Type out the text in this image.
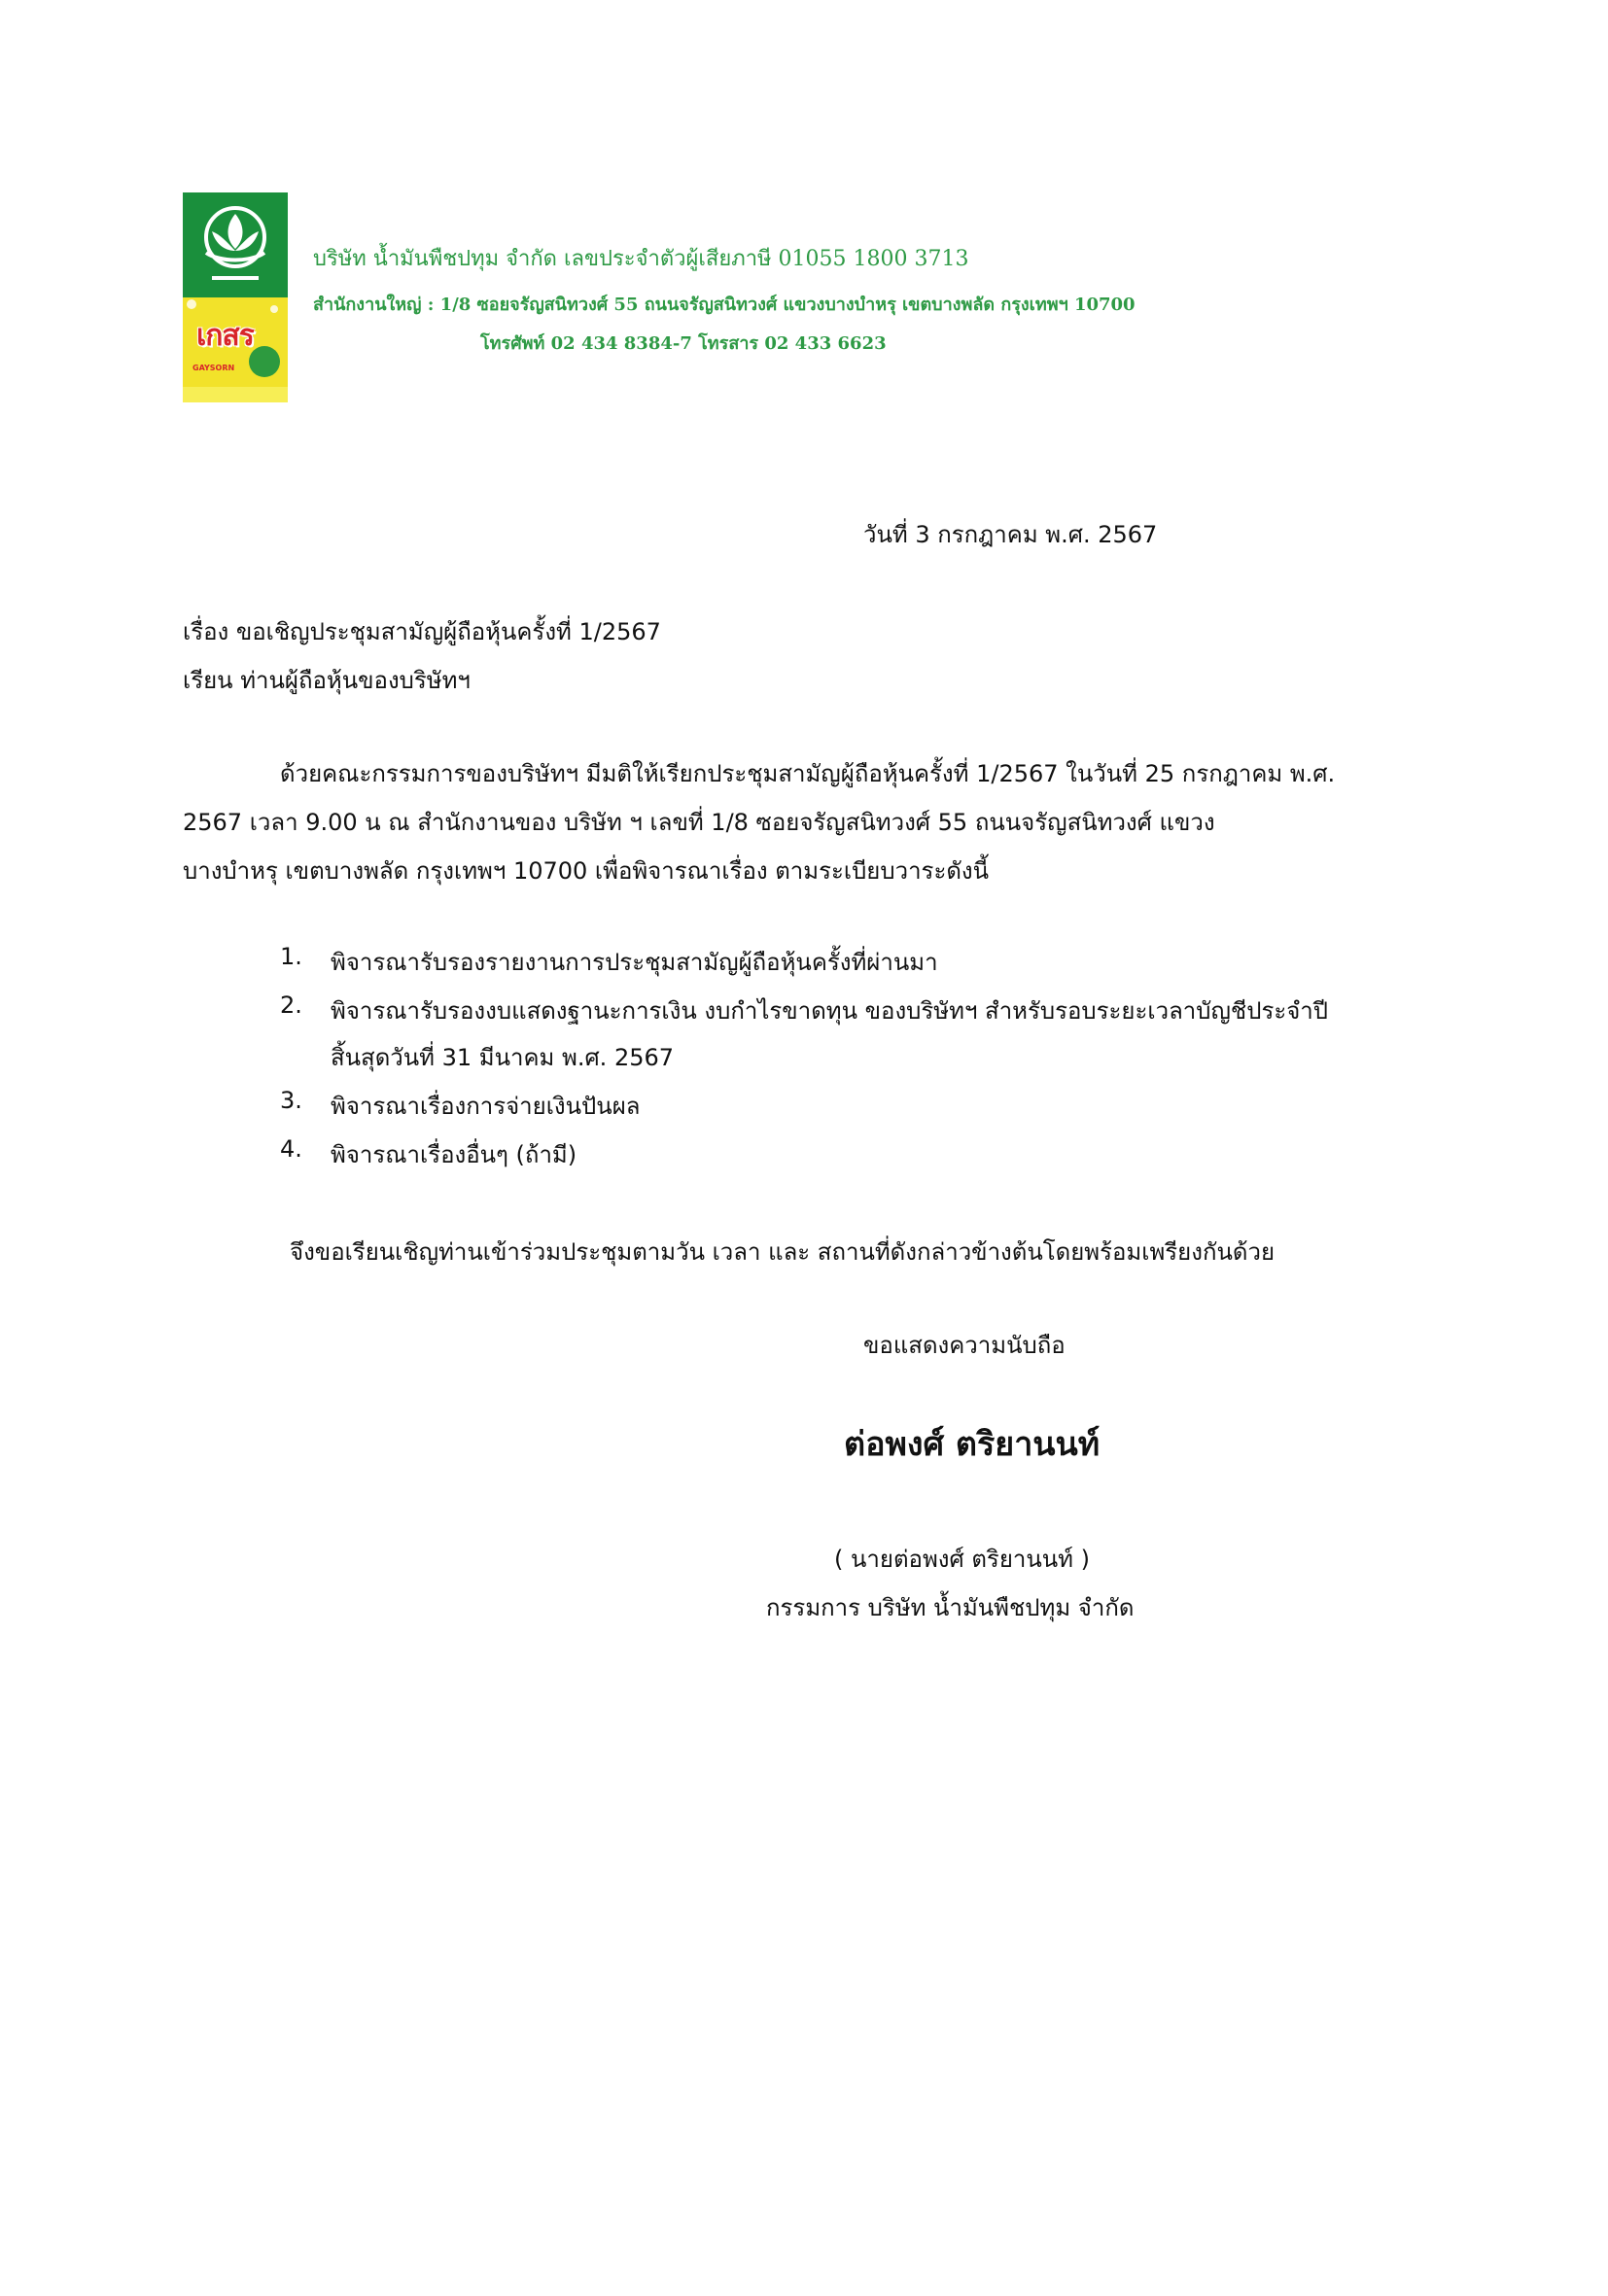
เกสร
GAYSORN
บริษัท น้ำมันพืชปทุม จำกัด เลขประจำตัวผู้เสียภาษี 01055 1800 3713
สำนักงานใหญ่ : 1/8 ซอยจรัญสนิทวงศ์ 55 ถนนจรัญสนิทวงศ์ แขวงบางบำหรุ เขตบางพลัด กรุงเทพฯ 10700
โทรศัพท์ 02 434 8384-7 โทรสาร 02 433 6623
วันที่ 3 กรกฎาคม พ.ศ. 2567
เรื่อง ขอเชิญประชุมสามัญผู้ถือหุ้นครั้งที่ 1/2567
เรียน ท่านผู้ถือหุ้นของบริษัทฯ
ด้วยคณะกรรมการของบริษัทฯ มีมติให้เรียกประชุมสามัญผู้ถือหุ้นครั้งที่ 1/2567 ในวันที่ 25 กรกฎาคม พ.ศ.
2567 เวลา 9.00 น ณ สำนักงานของ บริษัท ฯ เลขที่ 1/8 ซอยจรัญสนิทวงศ์ 55 ถนนจรัญสนิทวงศ์ แขวง
บางบำหรุ เขตบางพลัด กรุงเทพฯ 10700 เพื่อพิจารณาเรื่อง ตามระเบียบวาระดังนี้
1. พิจารณารับรองรายงานการประชุมสามัญผู้ถือหุ้นครั้งที่ผ่านมา
2. พิจารณารับรองงบแสดงฐานะการเงิน งบกำไรขาดทุน ของบริษัทฯ สำหรับรอบระยะเวลาบัญชีประจำปี
สิ้นสุดวันที่ 31 มีนาคม พ.ศ. 2567
3. พิจารณาเรื่องการจ่ายเงินปันผล
4. พิจารณาเรื่องอื่นๆ (ถ้ามี)
จึงขอเรียนเชิญท่านเข้าร่วมประชุมตามวัน เวลา และ สถานที่ดังกล่าวข้างต้นโดยพร้อมเพรียงกันด้วย
ขอแสดงความนับถือ
ต่อพงศ์ ตริยานนท์
( นายต่อพงศ์ ตริยานนท์ )
กรรมการ บริษัท น้ำมันพืชปทุม จำกัด
